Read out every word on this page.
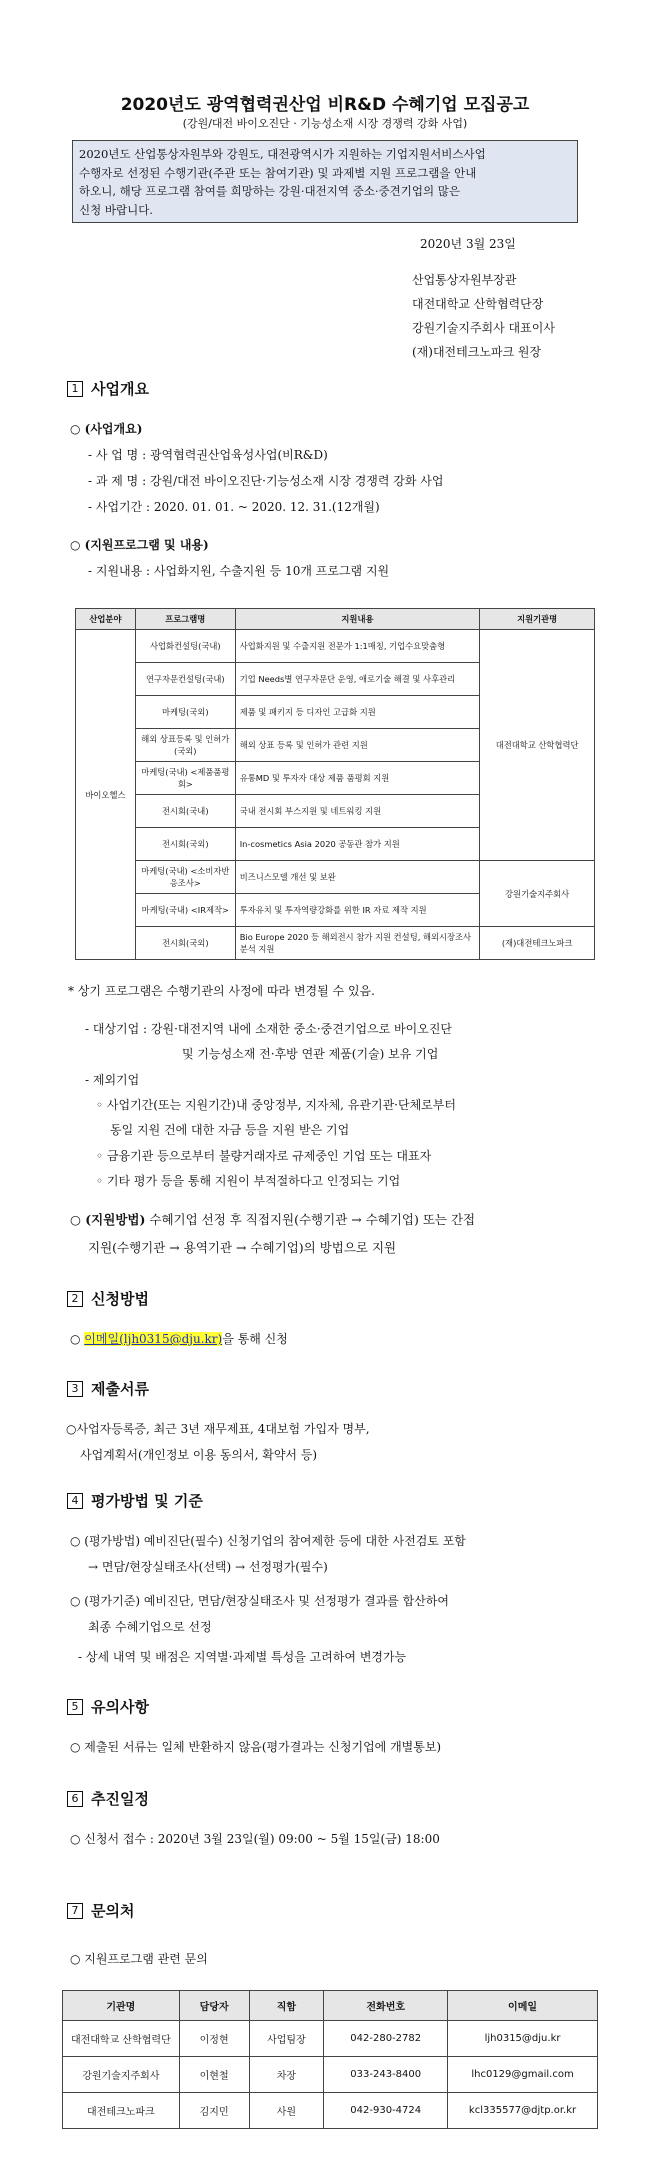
2020년도 광역협력권산업 비R&D 수혜기업 모집공고
(강원/대전 바이오진단 · 기능성소재 시장 경쟁력 강화 사업)
2020년도 산업통상자원부와 강원도, 대전광역시가 지원하는 기업지원서비스사업
수행자로 선정된 수행기관(주관 또는 참여기관) 및 과제별 지원 프로그램을 안내
하오니, 해당 프로그램 참여를 희망하는 강원·대전지역 중소·중견기업의 많은
신청 바랍니다.
2020년 3월 23일
산업통상자원부장관
대전대학교 산학협력단장
강원기술지주회사 대표이사
(재)대전테크노파크 원장
1 사업개요
○ (사업개요)
- 사 업 명 : 광역협력권산업육성사업(비R&D)
- 과 제 명 : 강원/대전 바이오진단·기능성소재 시장 경쟁력 강화 사업
- 사업기간 : 2020. 01. 01. ~ 2020. 12. 31.(12개월)
○ (지원프로그램 및 내용)
- 지원내용 : 사업화지원, 수출지원 등 10개 프로그램 지원
산업분야	프로그램명	지원내용	지원기관명
바이오헬스	사업화컨설팅(국내)	사업화지원 및 수출지원 전문가 1:1매칭, 기업수요맞춤형	대전대학교 산학협력단
	연구자문컨설팅(국내)	기업 Needs별 연구자문단 운영, 애로기술 해결 및 사후관리	
	마케팅(국외)	제품 및 패키지 등 디자인 고급화 지원	
	해외 상표등록 및 인허가(국외)	해외 상표 등록 및 인허가 관련 지원	
	마케팅(국내) <제품품평회>	유통MD 및 투자자 대상 제품 품평회 지원	
	전시회(국내)	국내 전시회 부스지원 및 네트워킹 지원	
	전시회(국외)	In-cosmetics Asia 2020 공동관 참가 지원	
	마케팅(국내) <소비자반응조사>	비즈니스모델 개선 및 보완	강원기술지주회사
	마케팅(국내) <IR제작>	투자유치 및 투자역량강화를 위한 IR 자료 제작 지원	
	전시회(국외)	Bio Europe 2020 등 해외전시 참가 지원 컨설팅, 해외시장조사 분석 지원	(재)대전테크노파크
* 상기 프로그램은 수행기관의 사정에 따라 변경될 수 있음.
- 대상기업 : 강원·대전지역 내에 소재한 중소·중견기업으로 바이오진단
및 기능성소재 전·후방 연관 제품(기술) 보유 기업
- 제외기업
◦ 사업기간(또는 지원기간)내 중앙정부, 지자체, 유관기관·단체로부터
동일 지원 건에 대한 자금 등을 지원 받은 기업
◦ 금융기관 등으로부터 불량거래자로 규제중인 기업 또는 대표자
◦ 기타 평가 등을 통해 지원이 부적절하다고 인정되는 기업
○ (지원방법) 수혜기업 선정 후 직접지원(수행기관 → 수혜기업) 또는 간접
지원(수행기관 → 용역기관 → 수혜기업)의 방법으로 지원
2 신청방법
○ 이메일(ljh0315@dju.kr)을 통해 신청
3 제출서류
○사업자등록증, 최근 3년 재무제표, 4대보험 가입자 명부,
사업계획서(개인정보 이용 동의서, 확약서 등)
4 평가방법 및 기준
○ (평가방법) 예비진단(필수) 신청기업의 참여제한 등에 대한 사전검토 포함
→ 면담/현장실태조사(선택) → 선정평가(필수)
○ (평가기준) 예비진단, 면담/현장실태조사 및 선정평가 결과를 합산하여
최종 수혜기업으로 선정
- 상세 내역 및 배점은 지역별·과제별 특성을 고려하여 변경가능
5 유의사항
○ 제출된 서류는 일체 반환하지 않음(평가결과는 신청기업에 개별통보)
6 추진일정
○ 신청서 접수 : 2020년 3월 23일(월) 09:00 ~ 5월 15일(금) 18:00
7 문의처
○ 지원프로그램 관련 문의
기관명	담당자	직함	전화번호	이메일
대전대학교 산학협력단	이정현	사업팀장	042-280-2782	ljh0315@dju.kr
강원기술지주회사	이현철	차장	033-243-8400	lhc0129@gmail.com
대전테크노파크	김지민	사원	042-930-4724	kcl335577@djtp.or.kr
